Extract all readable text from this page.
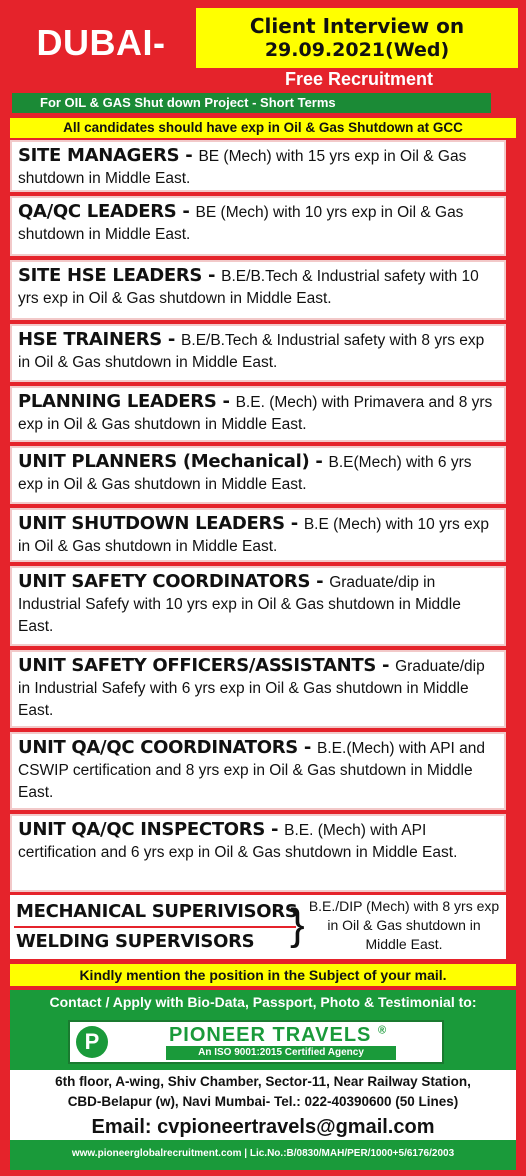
DUBAI-	Client Interview on
29.09.2021(Wed)
Free Recruitment
For OIL & GAS Shut down Project - Short Terms
All candidates should have exp in Oil & Gas Shutdown at GCC
SITE MANAGERS - BE (Mech) with 15 yrs exp in Oil & Gas shutdown in Middle East.
QA/QC LEADERS - BE (Mech) with 10 yrs exp in Oil & Gas shutdown in Middle East.
SITE HSE LEADERS - B.E/B.Tech & Industrial safety with 10 yrs exp in Oil & Gas shutdown in Middle East.
HSE TRAINERS - B.E/B.Tech & Industrial safety with 8 yrs exp in Oil & Gas shutdown in Middle East.
PLANNING LEADERS - B.E. (Mech) with Primavera and 8 yrs exp in Oil & Gas shutdown in Middle East.
UNIT PLANNERS (Mechanical) - B.E(Mech) with 6 yrs exp in Oil & Gas shutdown in Middle East.
UNIT SHUTDOWN LEADERS - B.E (Mech) with 10 yrs exp in Oil & Gas shutdown in Middle East.
UNIT SAFETY COORDINATORS - Graduate/dip in Industrial Safefy with 10 yrs exp in Oil & Gas shutdown in Middle East.
UNIT SAFETY OFFICERS/ASSISTANTS - Graduate/dip in Industrial Safefy with 6 yrs exp in Oil & Gas shutdown in Middle East.
UNIT QA/QC COORDINATORS - B.E.(Mech) with API and CSWIP certification and 8 yrs exp in Oil & Gas shutdown in Middle East.
UNIT QA/QC INSPECTORS - B.E. (Mech) with API certification and 6 yrs exp in Oil & Gas shutdown in Middle East.
MECHANICAL SUPERIVISORS
WELDING SUPERVISORS } B.E./DIP (Mech) with 8 yrs exp in Oil & Gas shutdown in Middle East.
Kindly mention the position in the Subject of your mail.
Contact / Apply with Bio-Data, Passport, Photo & Testimonial to:
P	PIONEER TRAVELS ®
An ISO 9001:2015 Certified Agency
6th floor, A-wing, Shiv Chamber, Sector-11, Near Railway Station,
CBD-Belapur (w), Navi Mumbai- Tel.: 022-40390600 (50 Lines)
Email: cvpioneertravels@gmail.com
www.pioneerglobalrecruitment.com | Lic.No.:B/0830/MAH/PER/1000+5/6176/2003
